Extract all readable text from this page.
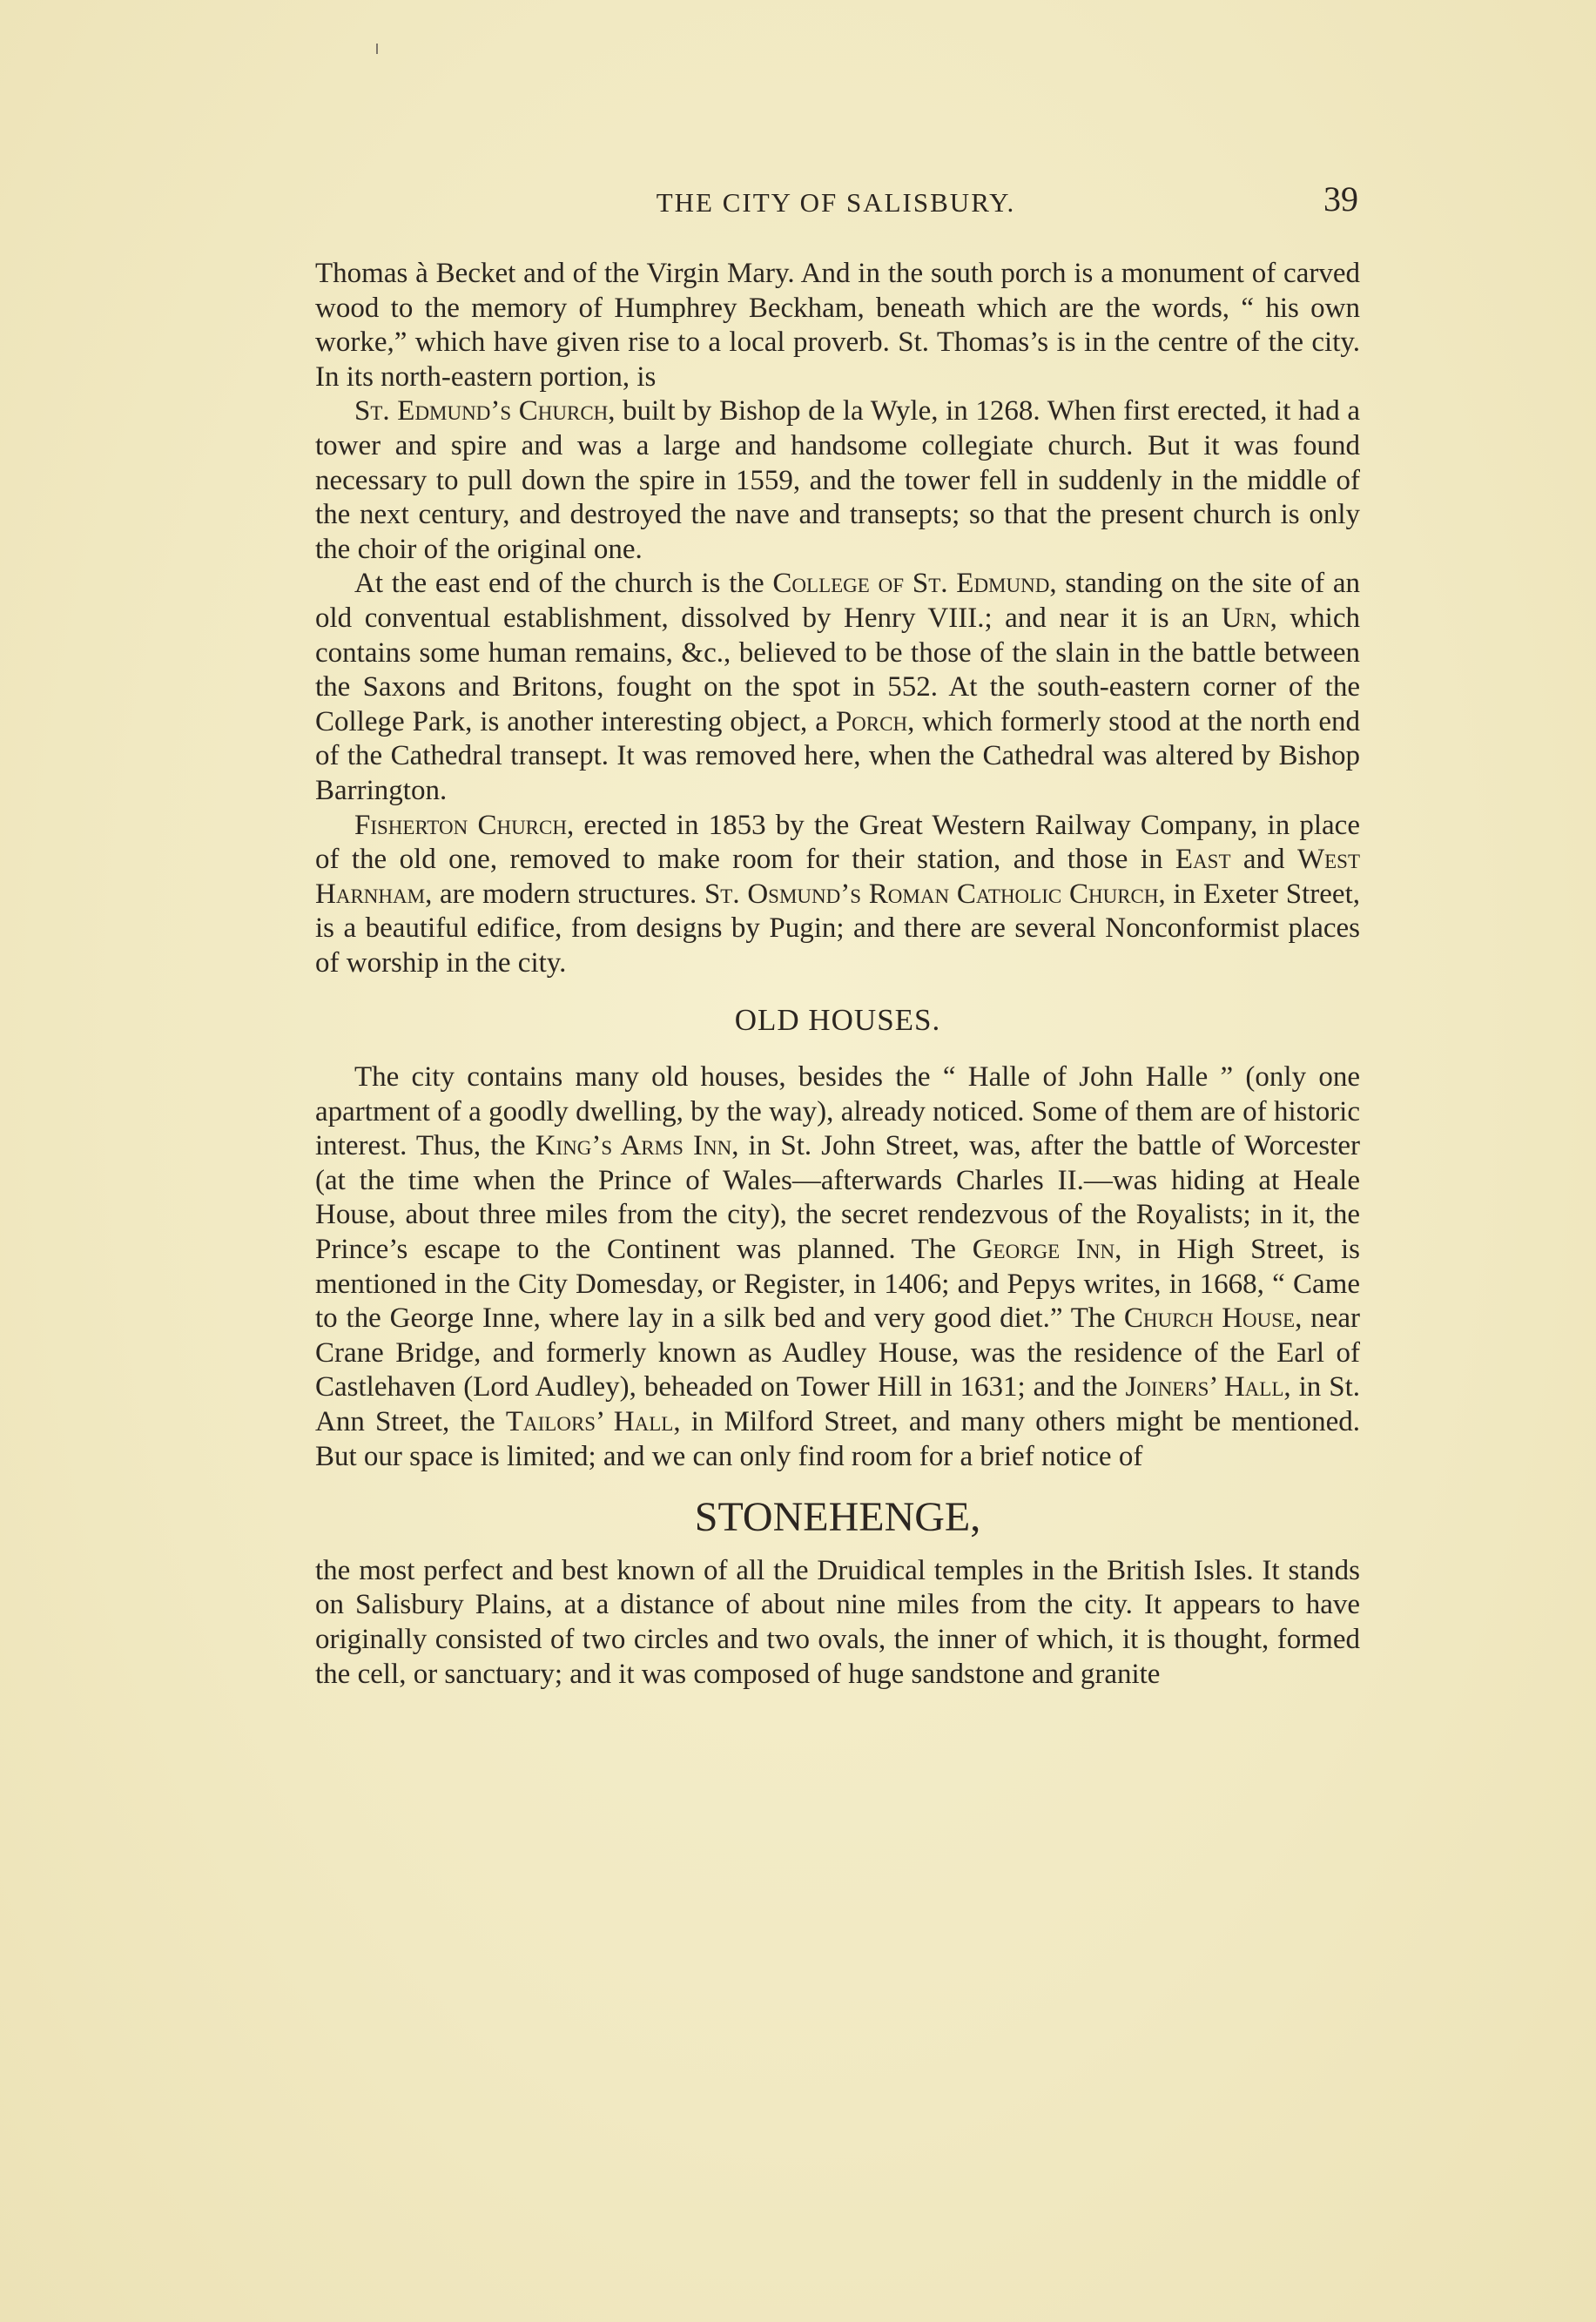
THE CITY OF SALISBURY.	39

Thomas à Becket and of the Virgin Mary. And in the south porch is a monument of carved wood to the memory of Humphrey Beckham, beneath which are the words, “ his own worke,” which have given rise to a local proverb. St. Thomas’s is in the centre of the city. In its north-eastern portion, is

St. Edmund’s Church, built by Bishop de la Wyle, in 1268. When first erected, it had a tower and spire and was a large and handsome collegiate church. But it was found necessary to pull down the spire in 1559, and the tower fell in suddenly in the middle of the next century, and destroyed the nave and transepts; so that the present church is only the choir of the original one.

At the east end of the church is the College of St. Edmund, standing on the site of an old conventual establishment, dissolved by Henry VIII.; and near it is an Urn, which contains some human remains, &c., believed to be those of the slain in the battle between the Saxons and Britons, fought on the spot in 552. At the south-eastern corner of the College Park, is another interesting object, a Porch, which formerly stood at the north end of the Cathedral transept. It was removed here, when the Cathedral was altered by Bishop Barrington.

Fisherton Church, erected in 1853 by the Great Western Railway Company, in place of the old one, removed to make room for their station, and those in East and West Harnham, are modern structures. St. Osmund’s Roman Catholic Church, in Exeter Street, is a beautiful edifice, from designs by Pugin; and there are several Nonconformist places of worship in the city.

OLD HOUSES.

The city contains many old houses, besides the “ Halle of John Halle ” (only one apartment of a goodly dwelling, by the way), already noticed. Some of them are of historic interest. Thus, the King’s Arms Inn, in St. John Street, was, after the battle of Worcester (at the time when the Prince of Wales—afterwards Charles II.—was hiding at Heale House, about three miles from the city), the secret rendezvous of the Royalists; in it, the Prince’s escape to the Continent was planned. The George Inn, in High Street, is mentioned in the City Domesday, or Register, in 1406; and Pepys writes, in 1668, “ Came to the George Inne, where lay in a silk bed and very good diet.” The Church House, near Crane Bridge, and formerly known as Audley House, was the residence of the Earl of Castlehaven (Lord Audley), beheaded on Tower Hill in 1631; and the Joiners’ Hall, in St. Ann Street, the Tailors’ Hall, in Milford Street, and many others might be mentioned. But our space is limited; and we can only find room for a brief notice of

STONEHENGE,

the most perfect and best known of all the Druidical temples in the British Isles. It stands on Salisbury Plains, at a distance of about nine miles from the city. It appears to have originally consisted of two circles and two ovals, the inner of which, it is thought, formed the cell, or sanctuary; and it was composed of huge sandstone and granite
